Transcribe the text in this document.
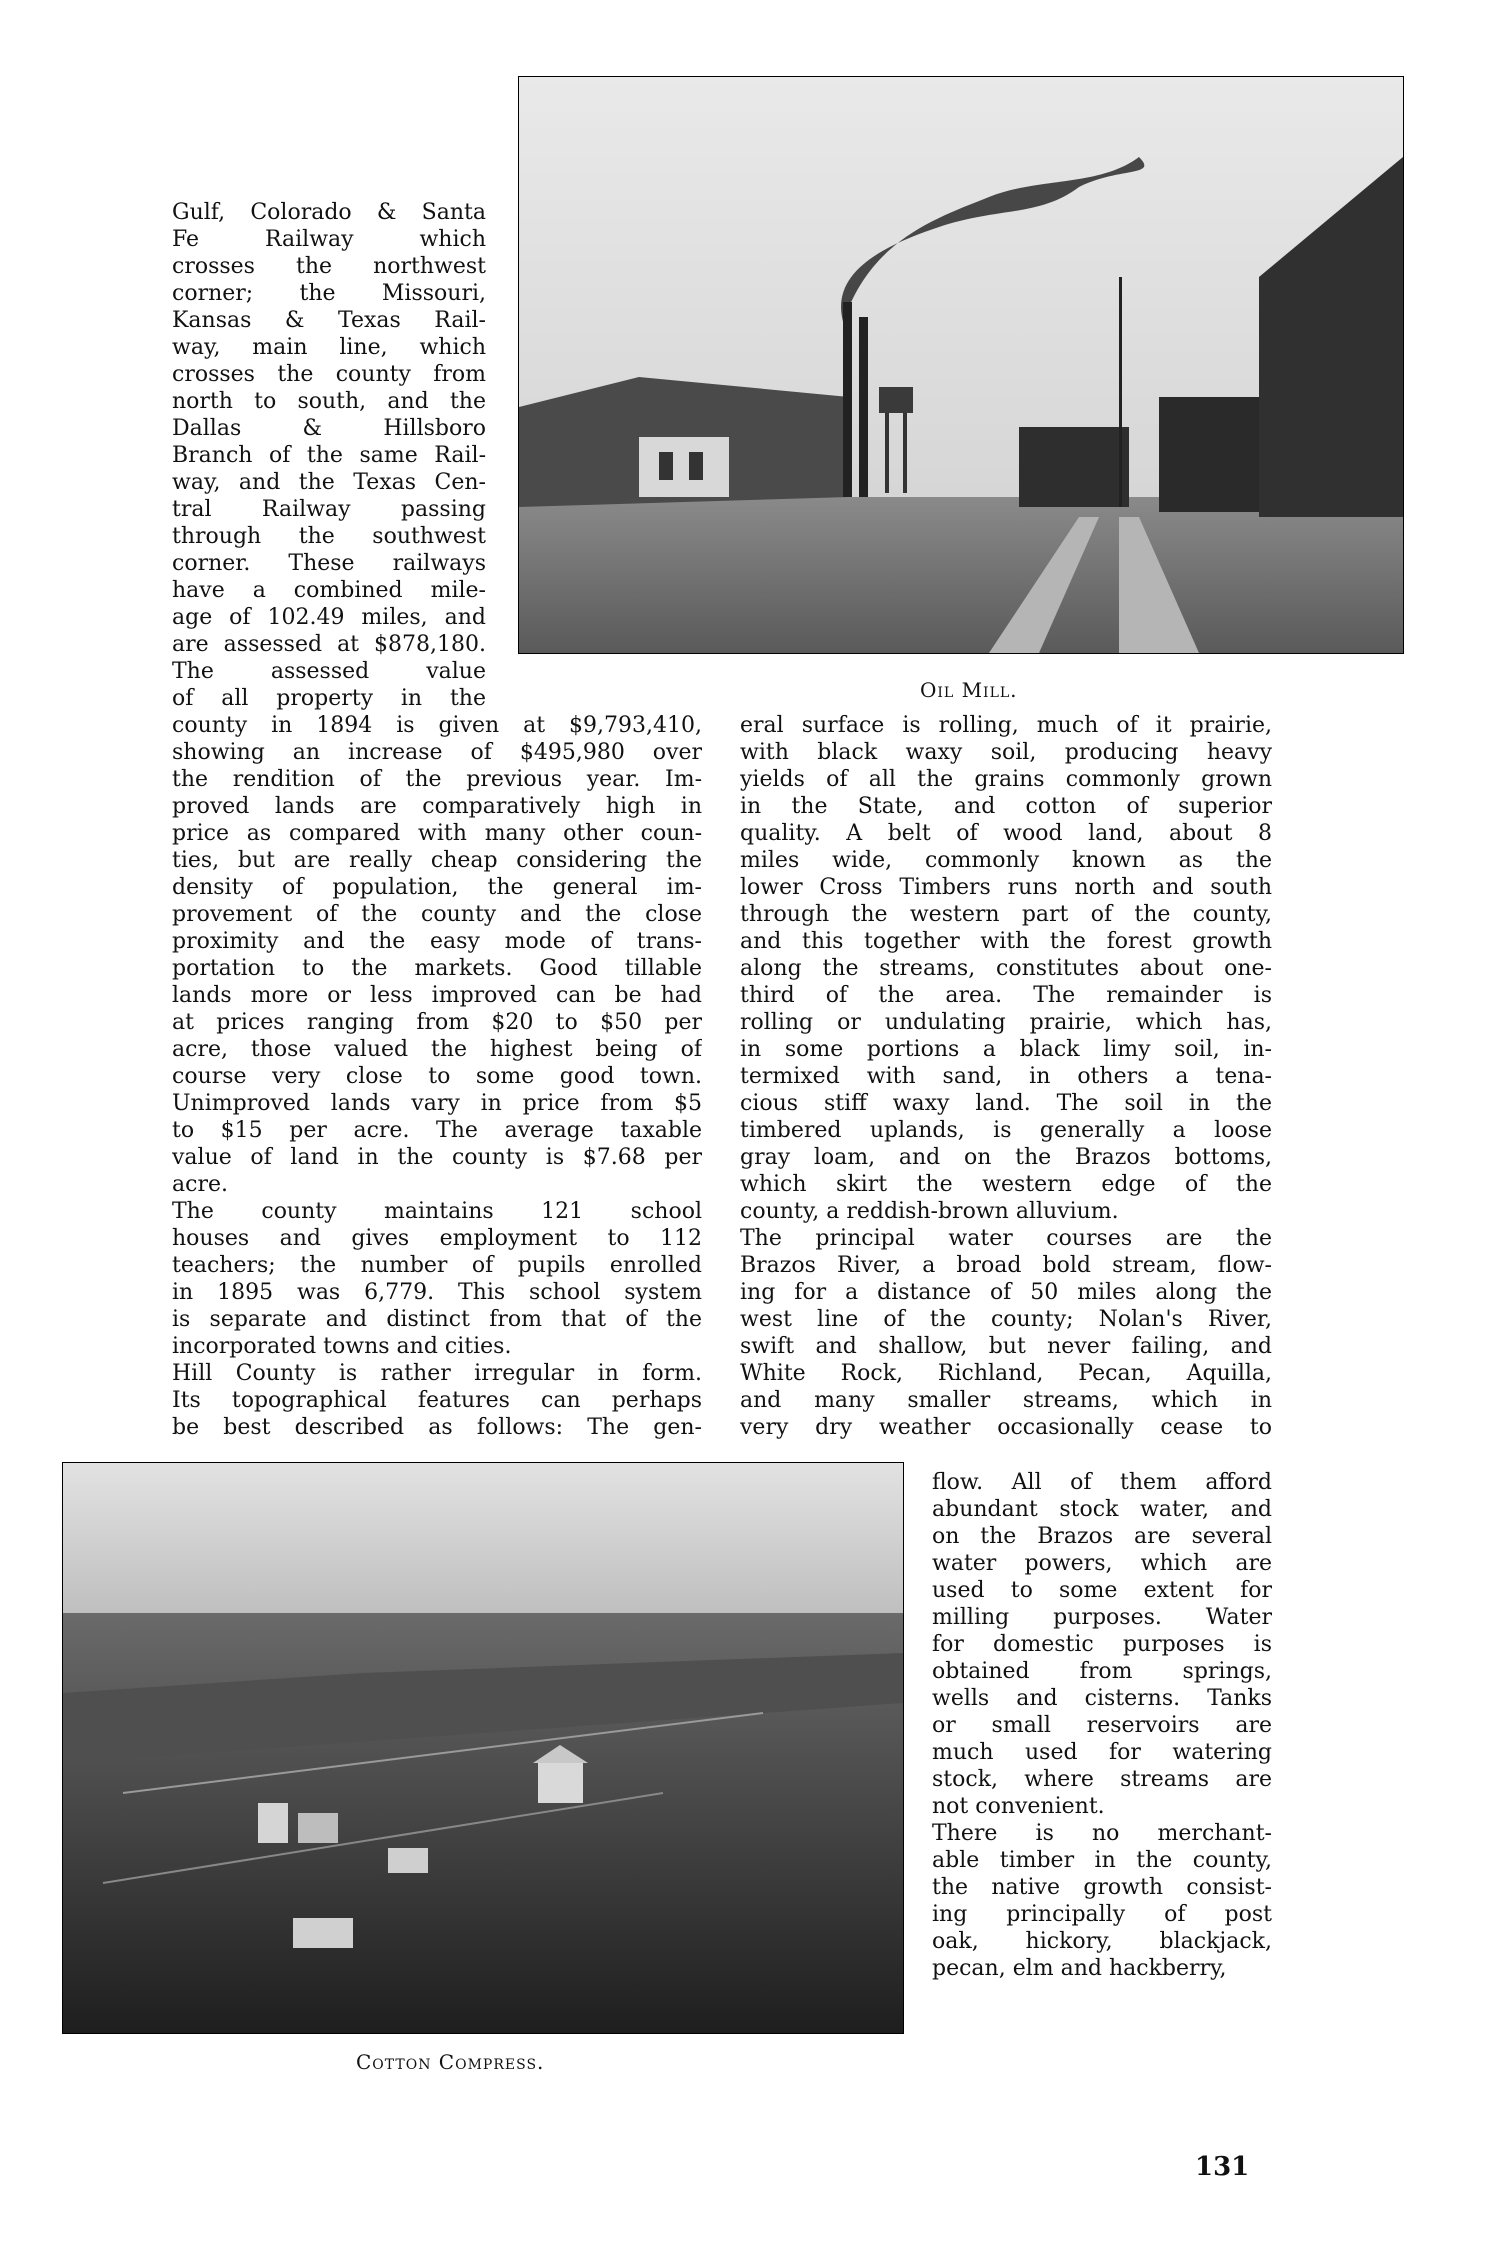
Oil Mill.
Gulf, Colorado & Santa
Fe Railway which
crosses the northwest
corner; the Missouri,
Kansas & Texas Rail-
way, main line, which
crosses the county from
north to south, and the
Dallas & Hillsboro
Branch of the same Rail-
way, and the Texas Cen-
tral Railway passing
through the southwest
corner. These railways
have a combined mile-
age of 102.49 miles, and
are assessed at $878,180.
The assessed value
of all property in the
county in 1894 is given at $9,793,410,
showing an increase of $495,980 over
the rendition of the previous year. Im-
proved lands are comparatively high in
price as compared with many other coun-
ties, but are really cheap considering the
density of population, the general im-
provement of the county and the close
proximity and the easy mode of trans-
portation to the markets. Good tillable
lands more or less improved can be had
at prices ranging from $20 to $50 per
acre, those valued the highest being of
course very close to some good town.
Unimproved lands vary in price from $5
to $15 per acre. The average taxable
value of land in the county is $7.68 per
acre.
The county maintains 121 school
houses and gives employment to 112
teachers; the number of pupils enrolled
in 1895 was 6,779. This school system
is separate and distinct from that of the
incorporated towns and cities.
Hill County is rather irregular in form.
Its topographical features can perhaps
be best described as follows: The gen-
eral surface is rolling, much of it prairie,
with black waxy soil, producing heavy
yields of all the grains commonly grown
in the State, and cotton of superior
quality. A belt of wood land, about 8
miles wide, commonly known as the
lower Cross Timbers runs north and south
through the western part of the county,
and this together with the forest growth
along the streams, constitutes about one-
third of the area. The remainder is
rolling or undulating prairie, which has,
in some portions a black limy soil, in-
termixed with sand, in others a tena-
cious stiff waxy land. The soil in the
timbered uplands, is generally a loose
gray loam, and on the Brazos bottoms,
which skirt the western edge of the
county, a reddish-brown alluvium.
The principal water courses are the
Brazos River, a broad bold stream, flow-
ing for a distance of 50 miles along the
west line of the county; Nolan's River,
swift and shallow, but never failing, and
White Rock, Richland, Pecan, Aquilla,
and many smaller streams, which in
very dry weather occasionally cease to
flow. All of them afford
abundant stock water, and
on the Brazos are several
water powers, which are
used to some extent for
milling purposes. Water
for domestic purposes is
obtained from springs,
wells and cisterns. Tanks
or small reservoirs are
much used for watering
stock, where streams are
not convenient.
There is no merchant-
able timber in the county,
the native growth consist-
ing principally of post
oak, hickory, blackjack,
pecan, elm and hackberry,
Cotton Compress.
131
